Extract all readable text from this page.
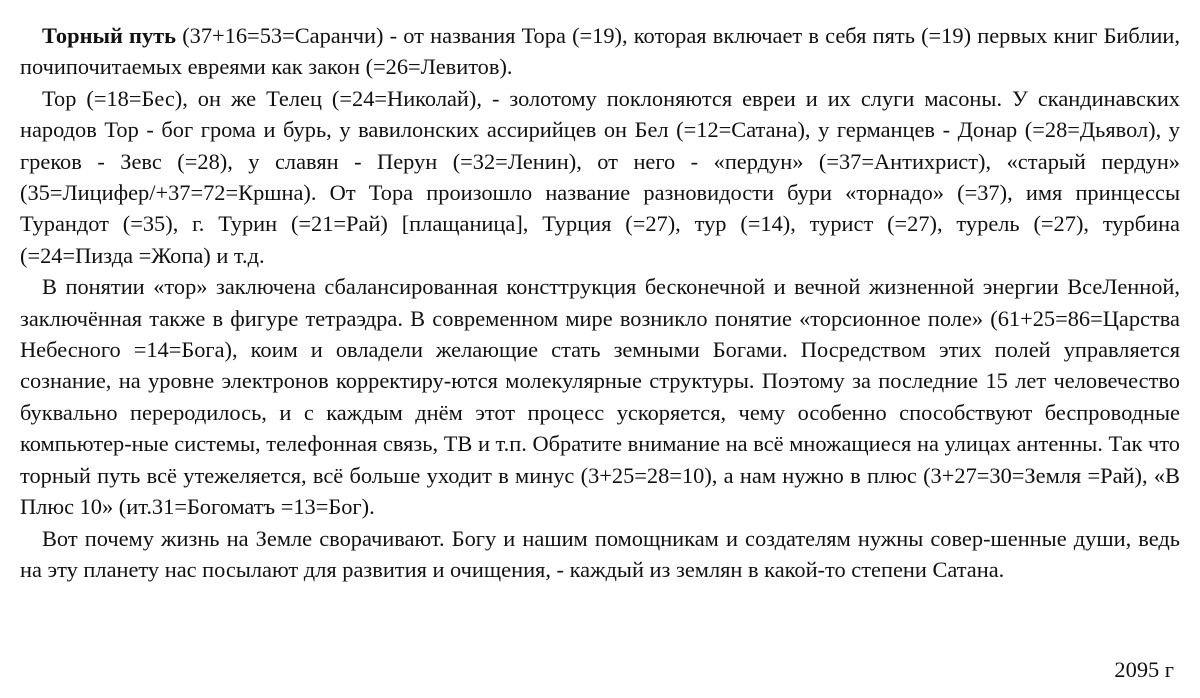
Торный путь (37+16=53=Саранчи) - от названия Тора (=19), которая включает в себя пять (=19) первых книг Библии, почипочитаемых евреями как закон (=26=Левитов).

Тор (=18=Бес), он же Телец (=24=Николай), - золотому поклоняются евреи и их слуги масоны. У скандинавских народов Тор - бог грома и бурь, у вавилонских ассирийцев он Бел (=12=Сатана), у германцев - Донар (=28=Дьявол), у греков - Зевс (=28), у славян - Перун (=32=Ленин), от него - «пердун» (=37=Антихрист), «старый пердун» (35=Лицифер/+37=72=Кршна). От Тора произошло название разновидости бури «торнадо» (=37), имя принцессы Турандот (=35), г. Турин (=21=Рай) [плащаница], Турция (=27), тур (=14), турист (=27), турель (=27), турбина (=24=Пизда =Жопа) и т.д.

В понятии «тор» заключена сбалансированная консттрукция бесконечной и вечной жизненной энергии ВсеЛенной, заключённая также в фигуре тетраэдра. В современном мире возникло понятие «торсионное поле» (61+25=86=Царства Небесного =14=Бога), коим и овладели желающие стать земными Богами. Посредством этих полей управляется сознание, на уровне электронов корректиру-ются молекулярные структуры. Поэтому за последние 15 лет человечество буквально переродилось, и с каждым днём этот процесс ускоряется, чему особенно способствуют беспроводные компьютер-ные системы, телефонная связь, ТВ и т.п. Обратите внимание на всё множащиеся на улицах антенны. Так что торный путь всё утежеляется, всё больше уходит в минус (3+25=28=10), а нам нужно в плюс (3+27=30=Земля =Рай), «В Плюс 10» (ит.31=Богоматъ =13=Бог).

Вот почему жизнь на Земле сворачивают. Богу и нашим помощникам и создателям нужны совер-шенные души, ведь на эту планету нас посылают для развития и очищения, - каждый из землян в какой-то степени Сатана.

2095 г
